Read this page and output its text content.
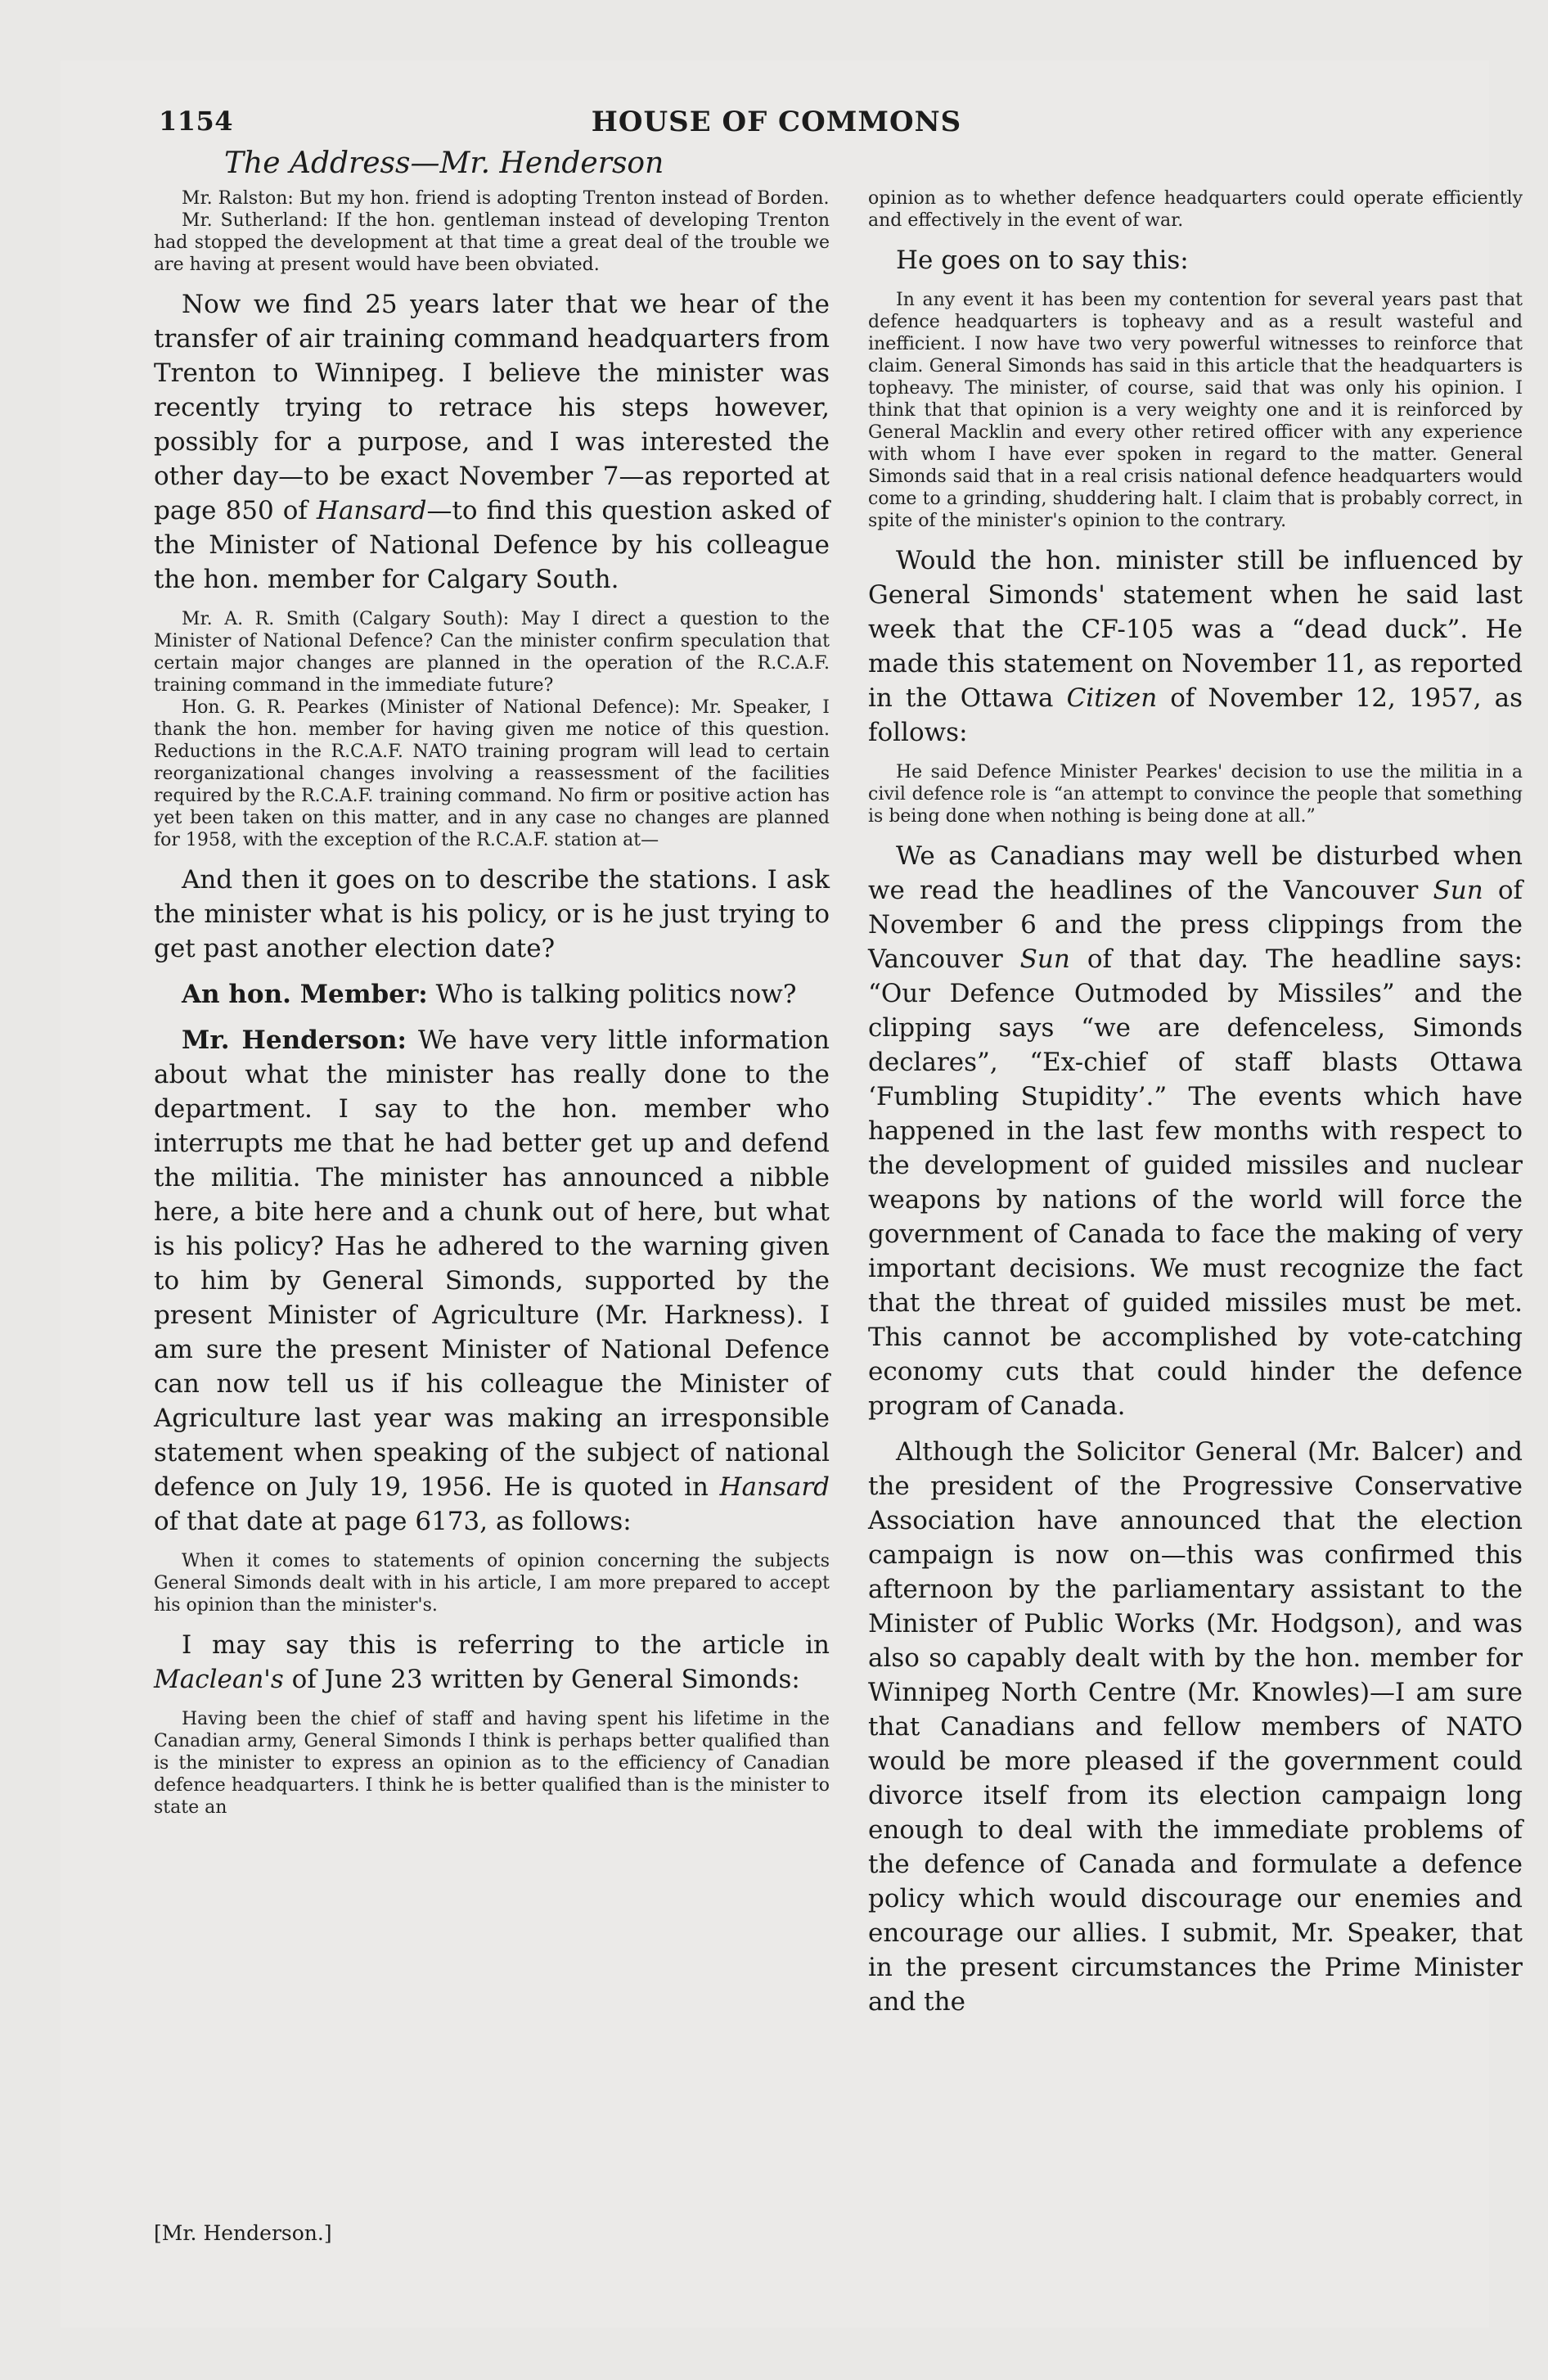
1154	HOUSE OF COMMONS
The Address—Mr. Henderson

Mr. Ralston: But my hon. friend is adopting Trenton instead of Borden.

Mr. Sutherland: If the hon. gentleman instead of developing Trenton had stopped the development at that time a great deal of the trouble we are having at present would have been obviated.

Now we find 25 years later that we hear of the transfer of air training command headquarters from Trenton to Winnipeg. I believe the minister was recently trying to retrace his steps however, possibly for a purpose, and I was interested the other day—to be exact November 7—as reported at page 850 of Hansard—to find this question asked of the Minister of National Defence by his colleague the hon. member for Calgary South.

Mr. A. R. Smith (Calgary South): May I direct a question to the Minister of National Defence? Can the minister confirm speculation that certain major changes are planned in the operation of the R.C.A.F. training command in the immediate future?

Hon. G. R. Pearkes (Minister of National Defence): Mr. Speaker, I thank the hon. member for having given me notice of this question. Reductions in the R.C.A.F. NATO training program will lead to certain reorganizational changes involving a reassessment of the facilities required by the R.C.A.F. training command. No firm or positive action has yet been taken on this matter, and in any case no changes are planned for 1958, with the exception of the R.C.A.F. station at—

And then it goes on to describe the stations. I ask the minister what is his policy, or is he just trying to get past another election date?

An hon. Member: Who is talking politics now?

Mr. Henderson: We have very little information about what the minister has really done to the department. I say to the hon. member who interrupts me that he had better get up and defend the militia. The minister has announced a nibble here, a bite here and a chunk out of here, but what is his policy? Has he adhered to the warning given to him by General Simonds, supported by the present Minister of Agriculture (Mr. Harkness). I am sure the present Minister of National Defence can now tell us if his colleague the Minister of Agriculture last year was making an irresponsible statement when speaking of the subject of national defence on July 19, 1956. He is quoted in Hansard of that date at page 6173, as follows:

When it comes to statements of opinion concerning the subjects General Simonds dealt with in his article, I am more prepared to accept his opinion than the minister's.

I may say this is referring to the article in Maclean's of June 23 written by General Simonds:

Having been the chief of staff and having spent his lifetime in the Canadian army, General Simonds I think is perhaps better qualified than is the minister to express an opinion as to the efficiency of Canadian defence headquarters. I think he is better qualified than is the minister to state an

[Mr. Henderson.]

opinion as to whether defence headquarters could operate efficiently and effectively in the event of war.

He goes on to say this:

In any event it has been my contention for several years past that defence headquarters is topheavy and as a result wasteful and inefficient. I now have two very powerful witnesses to reinforce that claim. General Simonds has said in this article that the headquarters is topheavy. The minister, of course, said that was only his opinion. I think that that opinion is a very weighty one and it is reinforced by General Macklin and every other retired officer with any experience with whom I have ever spoken in regard to the matter. General Simonds said that in a real crisis national defence headquarters would come to a grinding, shuddering halt. I claim that is probably correct, in spite of the minister's opinion to the contrary.

Would the hon. minister still be influenced by General Simonds' statement when he said last week that the CF-105 was a “dead duck”. He made this statement on November 11, as reported in the Ottawa Citizen of November 12, 1957, as follows:

He said Defence Minister Pearkes' decision to use the militia in a civil defence role is “an attempt to convince the people that something is being done when nothing is being done at all.”

We as Canadians may well be disturbed when we read the headlines of the Vancouver Sun of November 6 and the press clippings from the Vancouver Sun of that day. The headline says: “Our Defence Outmoded by Missiles” and the clipping says “we are defenceless, Simonds declares”, “Ex-chief of staff blasts Ottawa ‘Fumbling Stupidity’.” The events which have happened in the last few months with respect to the development of guided missiles and nuclear weapons by nations of the world will force the government of Canada to face the making of very important decisions. We must recognize the fact that the threat of guided missiles must be met. This cannot be accomplished by vote-catching economy cuts that could hinder the defence program of Canada.

Although the Solicitor General (Mr. Balcer) and the president of the Progressive Conservative Association have announced that the election campaign is now on—this was confirmed this afternoon by the parliamentary assistant to the Minister of Public Works (Mr. Hodgson), and was also so capably dealt with by the hon. member for Winnipeg North Centre (Mr. Knowles)—I am sure that Canadians and fellow members of NATO would be more pleased if the government could divorce itself from its election campaign long enough to deal with the immediate problems of the defence of Canada and formulate a defence policy which would discourage our enemies and encourage our allies. I submit, Mr. Speaker, that in the present circumstances the Prime Minister and the
